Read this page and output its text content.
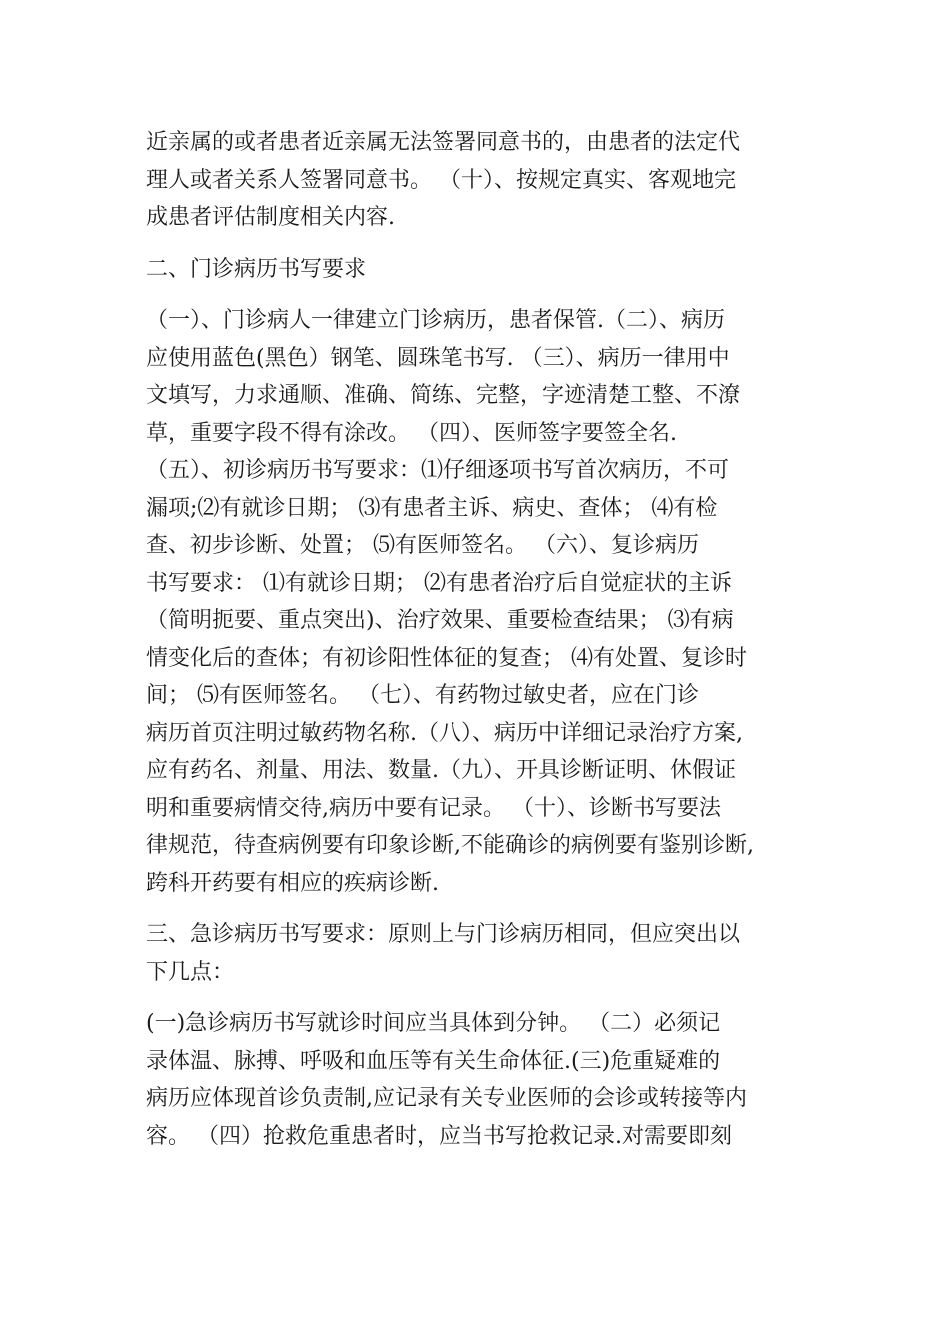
近亲属的或者患者近亲属无法签署同意书的，由患者的法定代
理人或者关系人签署同意书。 （十）、按规定真实、客观地完
成患者评估制度相关内容.
二、门诊病历书写要求
（一）、门诊病人一律建立门诊病历，患者保管.（二）、病历
应使用蓝色(黑色）钢笔、圆珠笔书写. （三）、病历一律用中
文填写，力求通顺、准确、简练、完整，字迹清楚工整、不潦
草，重要字段不得有涂改。 （四）、医师签字要签全名.
（五）、初诊病历书写要求：⑴仔细逐项书写首次病历，不可
漏项;⑵有就诊日期； ⑶有患者主诉、病史、查体； ⑷有检
查、初步诊断、处置； ⑸有医师签名。 （六）、复诊病历
书写要求： ⑴有就诊日期； ⑵有患者治疗后自觉症状的主诉
（简明扼要、重点突出)、治疗效果、重要检查结果； ⑶有病
情变化后的查体；有初诊阳性体征的复查； ⑷有处置、复诊时
间； ⑸有医师签名。 （七）、有药物过敏史者，应在门诊
病历首页注明过敏药物名称.（八）、病历中详细记录治疗方案,
应有药名、剂量、用法、数量.（九）、开具诊断证明、休假证
明和重要病情交待,病历中要有记录。 （十）、诊断书写要法
律规范，待查病例要有印象诊断,不能确诊的病例要有鉴别诊断,
跨科开药要有相应的疾病诊断.
三、急诊病历书写要求：原则上与门诊病历相同，但应突出以
下几点：
(一)急诊病历书写就诊时间应当具体到分钟。 （二）必须记
录体温、脉搏、呼吸和血压等有关生命体征.(三)危重疑难的
病历应体现首诊负责制,应记录有关专业医师的会诊或转接等内
容。 （四）抢救危重患者时，应当书写抢救记录.对需要即刻
